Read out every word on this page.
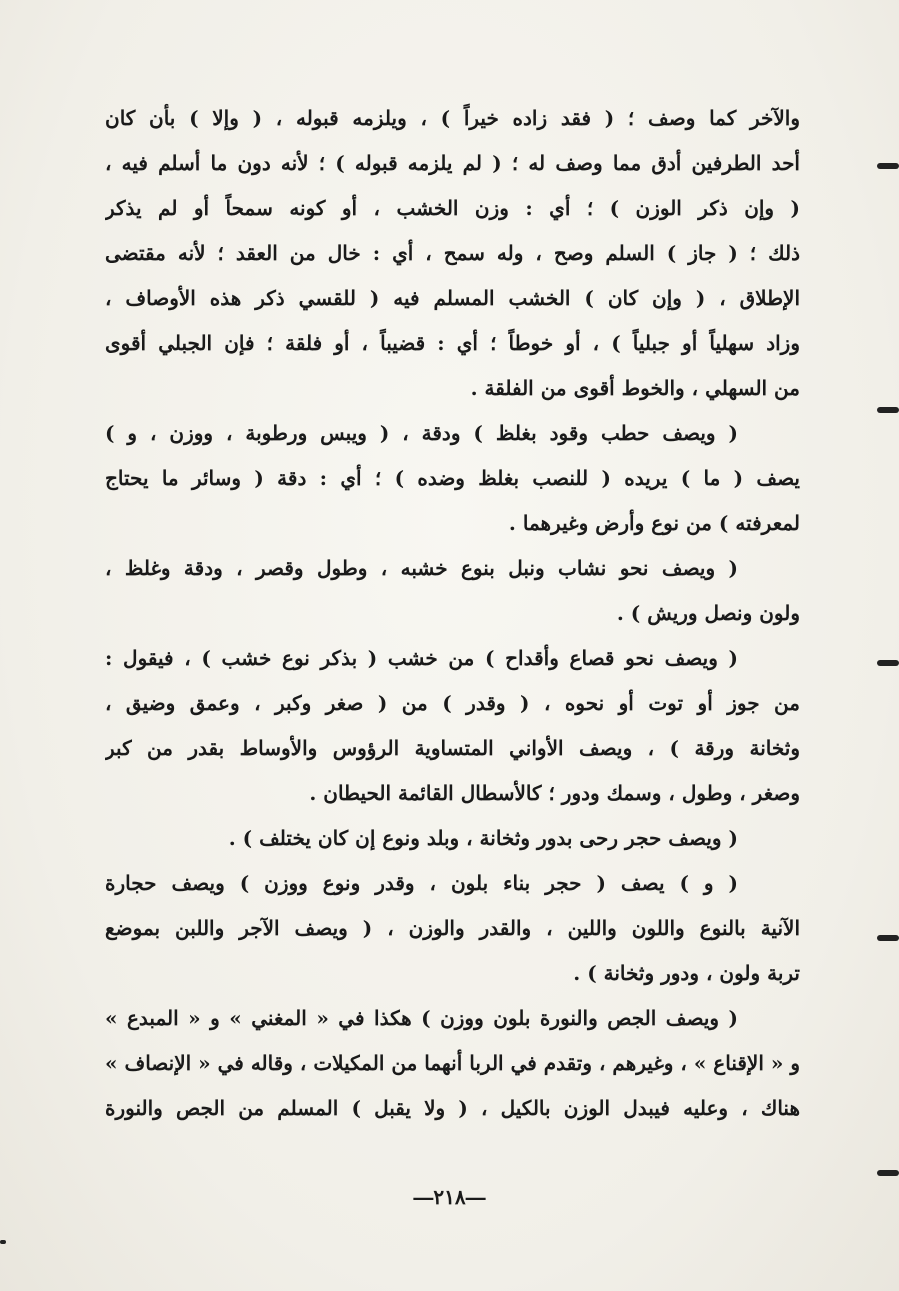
والآخر كما وصف ؛ ( فقد زاده خيراً ) ، ويلزمه قبوله ، ( وإلا ) بأن كان
أحد الطرفين أدق مما وصف له ؛ ( لم يلزمه قبوله ) ؛ لأنه دون ما أسلم فيه ،
( وإن ذكر الوزن ) ؛ أي : وزن الخشب ، أو كونه سمحاً أو لم يذكر
ذلك ؛ ( جاز ) السلم وصح ، وله سمح ، أي : خال من العقد ؛ لأنه مقتضى
الإطلاق ، ( وإن كان ) الخشب المسلم فيه ( للقسي ذكر هذه الأوصاف ،
وزاد سهلياً أو جبلياً ) ، أو خوطاً ؛ أي : قضيباً ، أو فلقة ؛ فإن الجبلي أقوى
من السهلي ، والخوط أقوى من الفلقة .
( ويصف حطب وقود بغلظ ) ودقة ، ( ويبس ورطوبة ، ووزن ، و )
يصف ( ما ) يريده ( للنصب بغلظ وضده ) ؛ أي : دقة ( وسائر ما يحتاج
لمعرفته ) من نوع وأرض وغيرهما .
( ويصف نحو نشاب ونبل بنوع خشبه ، وطول وقصر ، ودقة وغلظ ،
ولون ونصل وريش ) .
( ويصف نحو قصاع وأقداح ) من خشب ( بذكر نوع خشب ) ، فيقول :
من جوز أو توت أو نحوه ، ( وقدر ) من ( صغر وكبر ، وعمق وضيق ،
وثخانة ورقة ) ، ويصف الأواني المتساوية الرؤوس والأوساط بقدر من كبر
وصغر ، وطول ، وسمك ودور ؛ كالأسطال القائمة الحيطان .
( ويصف حجر رحى بدور وثخانة ، وبلد ونوع إن كان يختلف ) .
( و ) يصف ( حجر بناء بلون ، وقدر ونوع ووزن ) ويصف حجارة
الآنية بالنوع واللون واللين ، والقدر والوزن ، ( ويصف الآجر واللبن بموضع
تربة ولون ، ودور وثخانة ) .
( ويصف الجص والنورة بلون ووزن ) هكذا في « المغني » و « المبدع »
و « الإقناع » ، وغيرهم ، وتقدم في الربا أنهما من المكيلات ، وقاله في « الإنصاف »
هناك ، وعليه فيبدل الوزن بالكيل ، ( ولا يقبل ) المسلم من الجص والنورة
―٢١٨―
